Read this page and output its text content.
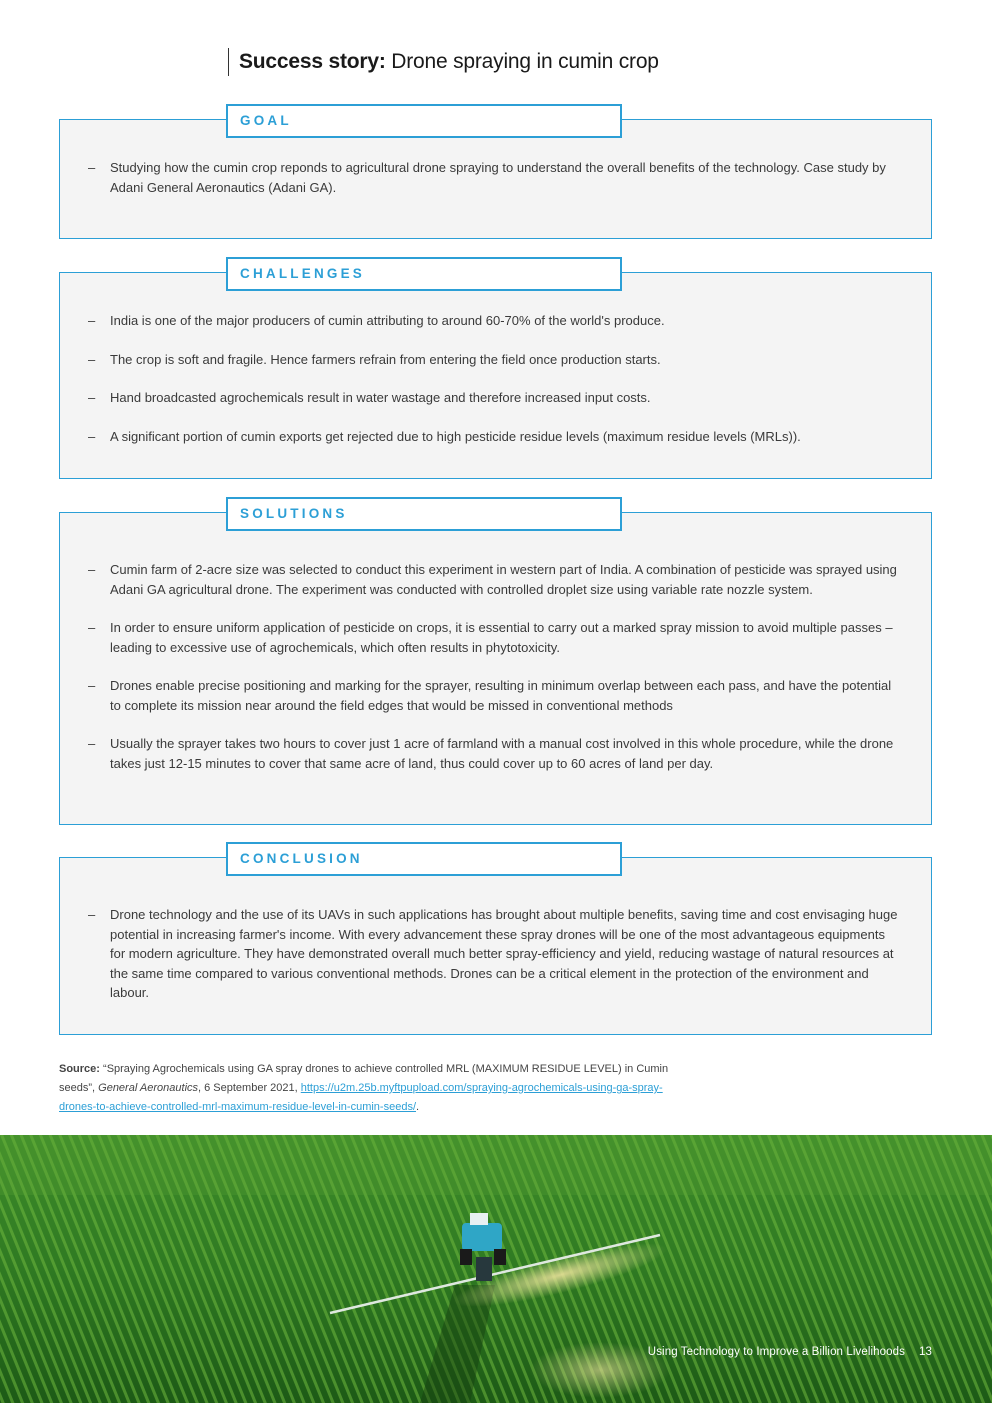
Success story: Drone spraying in cumin crop
– Studying how the cumin crop reponds to agricultural drone spraying to understand the overall benefits of the technology. Case study by Adani General Aeronautics (Adani GA).
GOAL
– India is one of the major producers of cumin attributing to around 60-70% of the world's produce.
– The crop is soft and fragile. Hence farmers refrain from entering the field once production starts.
– Hand broadcasted agrochemicals result in water wastage and therefore increased input costs.
– A significant portion of cumin exports get rejected due to high pesticide residue levels (maximum residue levels (MRLs)).
CHALLENGES
– Cumin farm of 2-acre size was selected to conduct this experiment in western part of India. A combination of pesticide was sprayed using Adani GA agricultural drone. The experiment was conducted with controlled droplet size using variable rate nozzle system.
– In order to ensure uniform application of pesticide on crops, it is essential to carry out a marked spray mission to avoid multiple passes – leading to excessive use of agrochemicals, which often results in phytotoxicity.
– Drones enable precise positioning and marking for the sprayer, resulting in minimum overlap between each pass, and have the potential to complete its mission near around the field edges that would be missed in conventional methods
– Usually the sprayer takes two hours to cover just 1 acre of farmland with a manual cost involved in this whole procedure, while the drone takes just 12-15 minutes to cover that same acre of land, thus could cover up to 60 acres of land per day.
SOLUTIONS
– Drone technology and the use of its UAVs in such applications has brought about multiple benefits, saving time and cost envisaging huge potential in increasing farmer's income. With every advancement these spray drones will be one of the most advantageous equipments for modern agriculture. They have demonstrated overall much better spray-efficiency and yield, reducing wastage of natural resources at the same time compared to various conventional methods. Drones can be a critical element in the protection of the environment and labour.
CONCLUSION
Source: “Spraying Agrochemicals using GA spray drones to achieve controlled MRL (MAXIMUM RESIDUE LEVEL) in Cumin seeds”, General Aeronautics, 6 September 2021, https://u2m.25b.myftpupload.com/spraying-agrochemicals-using-ga-spray-drones-to-achieve-controlled-mrl-maximum-residue-level-in-cumin-seeds/.
Using Technology to Improve a Billion Livelihoods 13
